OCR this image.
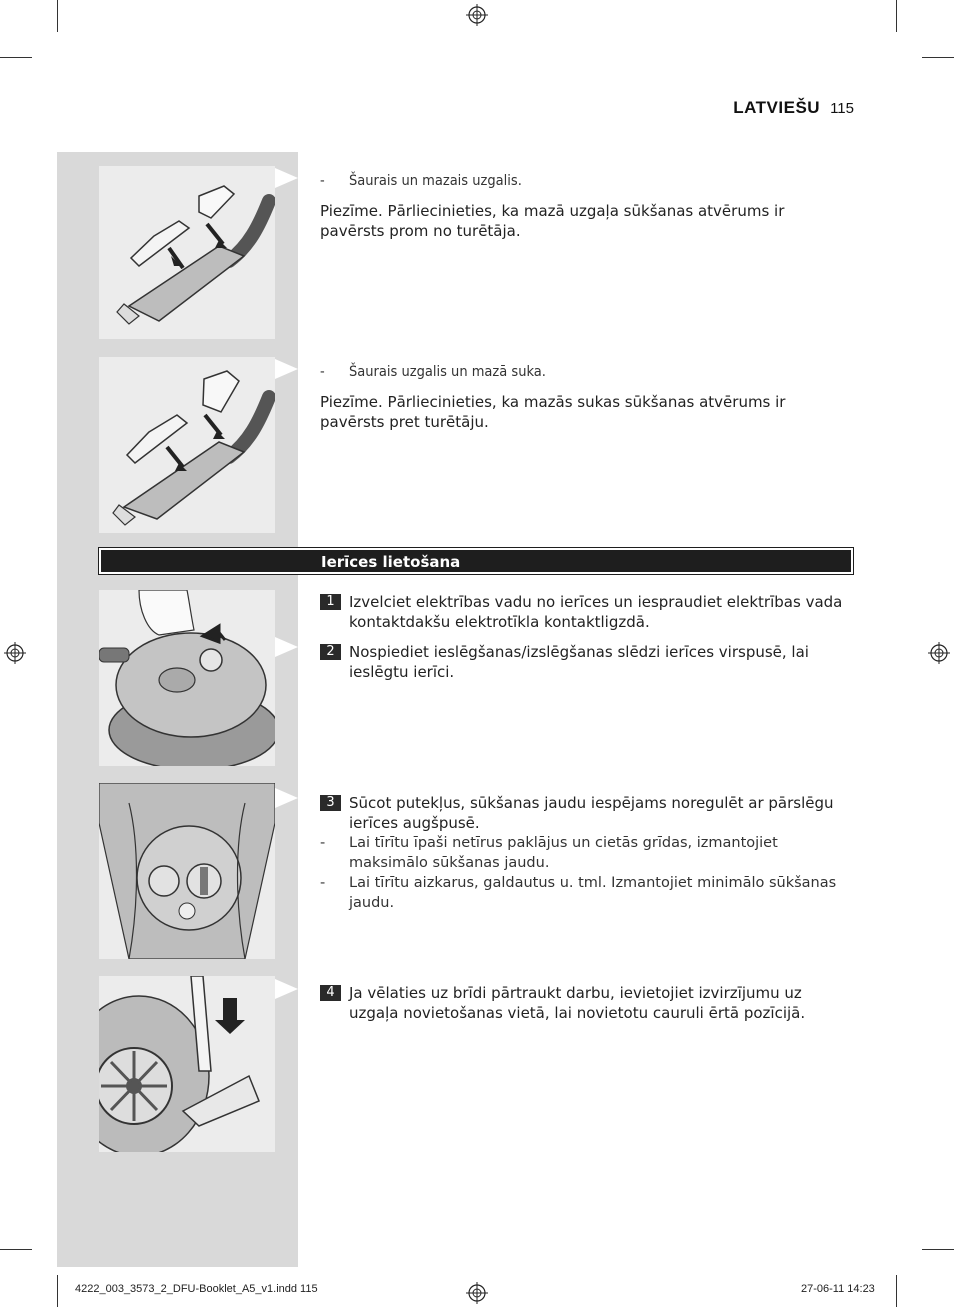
LATVIEŠU 115
-	Šaurais un mazais uzgalis.

Piezīme. Pārliecinieties, ka mazā uzgaļa sūkšanas atvērums ir pavērsts prom no turētāja.

-	Šaurais uzgalis un mazā suka.

Piezīme. Pārliecinieties, ka mazās sukas sūkšanas atvērums ir pavērsts pret turētāju.

Ierīces lietošana
1 Izvelciet elektrības vadu no ierīces un iespraudiet elektrības vada kontaktdakšu elektrotīkla kontaktligzdā.
2 Nospiediet ieslēgšanas/izslēgšanas slēdzi ierīces virspusē, lai ieslēgtu ierīci.
3 Sūcot putekļus, sūkšanas jaudu iespējams noregulēt ar pārslēgu ierīces augšpusē.
-	Lai tīrītu īpaši netīrus paklājus un cietās grīdas, izmantojiet maksimālo sūkšanas jaudu.
-	Lai tīrītu aizkarus, galdautus u. tml. Izmantojiet minimālo sūkšanas jaudu.
4 Ja vēlaties uz brīdi pārtraukt darbu, ievietojiet izvirzījumu uz uzgaļa novietošanas vietā, lai novietotu cauruli ērtā pozīcijā.
4222_003_3573_2_DFU-Booklet_A5_v1.indd 115	27-06-11 14:23
